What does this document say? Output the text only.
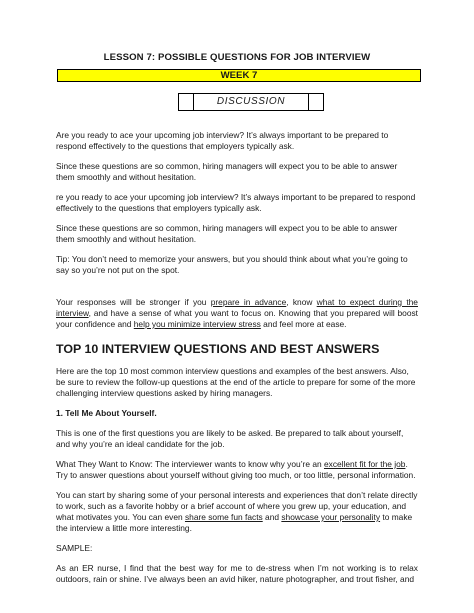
LESSON 7: POSSIBLE QUESTIONS FOR JOB INTERVIEW
WEEK 7
DISCUSSION

Are you ready to ace your upcoming job interview? It’s always important to be prepared to respond effectively to the questions that employers typically ask.

Since these questions are so common, hiring managers will expect you to be able to answer them smoothly and without hesitation.

re you ready to ace your upcoming job interview? It’s always important to be prepared to respond effectively to the questions that employers typically ask.

Since these questions are so common, hiring managers will expect you to be able to answer them smoothly and without hesitation.

Tip: You don’t need to memorize your answers, but you should think about what you’re going to say so you’re not put on the spot.

Your responses will be stronger if you prepare in advance, know what to expect during the interview, and have a sense of what you want to focus on. Knowing that you prepared will boost your confidence and help you minimize interview stress and feel more at ease.

TOP 10 INTERVIEW QUESTIONS AND BEST ANSWERS

Here are the top 10 most common interview questions and examples of the best answers. Also, be sure to review the follow-up questions at the end of the article to prepare for some of the more challenging interview questions asked by hiring managers.

1. Tell Me About Yourself.

This is one of the first questions you are likely to be asked. Be prepared to talk about yourself, and why you’re an ideal candidate for the job.

What They Want to Know: The interviewer wants to know why you’re an excellent fit for the job. Try to answer questions about yourself without giving too much, or too little, personal information.

You can start by sharing some of your personal interests and experiences that don’t relate directly to work, such as a favorite hobby or a brief account of where you grew up, your education, and what motivates you. You can even share some fun facts and showcase your personality to make the interview a little more interesting.

SAMPLE:

As an ER nurse, I find that the best way for me to de-stress when I’m not working is to relax outdoors, rain or shine. I’ve always been an avid hiker, nature photographer, and trout fisher, and
